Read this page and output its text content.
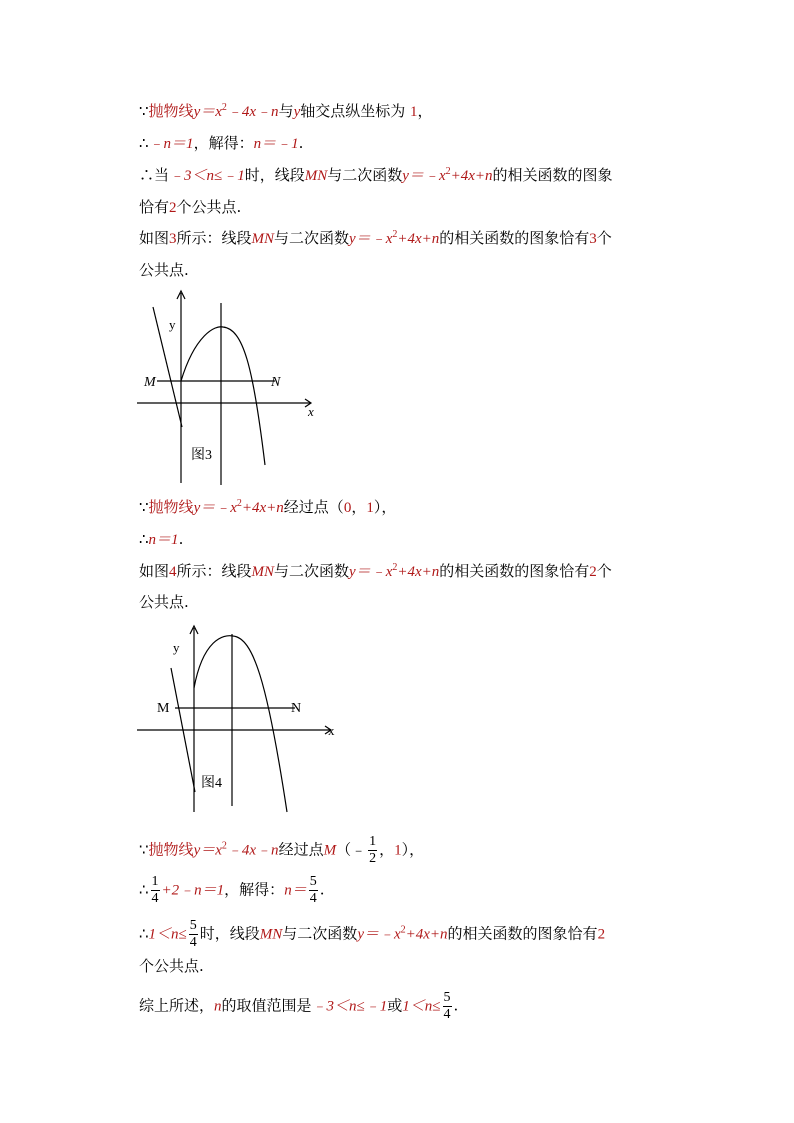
∵抛物线$y=x^2﹣4x﹣n$与y轴交点纵坐标为 1，
∴﹣n＝1，解得：n＝﹣1.
∴当﹣3＜n≤﹣1时，线段MN与二次函数$y=﹣x^2+4x+n$的相关函数的图象
恰有2个公共点.
如图3所示：线段MN与二次函数$y=﹣x^2+4x+n$的相关函数的图象恰有3个
公共点.
y
x
M	N
图3
∵抛物线$y=﹣x^2+4x+n$经过点（0，1），
∴n＝1.
如图4所示：线段MN与二次函数$y=﹣x^2+4x+n$的相关函数的图象恰有2个
公共点.
y
x
M	N
图4
∵抛物线$y=x^2﹣4x﹣n$经过点M（﹣ $\frac{1}{2}$ ，1），
∴ $\frac{1}{4}$ +2﹣n＝1，解得：$n= \frac{5}{4}$ .
∴1＜n≤ $\frac{5}{4}$ 时，线段MN与二次函数$y=﹣x^2+4x+n$的相关函数的图象恰有2
个公共点.
综上所述，n的取值范围是﹣3＜n≤﹣1或$1<n\le \frac{5}{4}$ .
